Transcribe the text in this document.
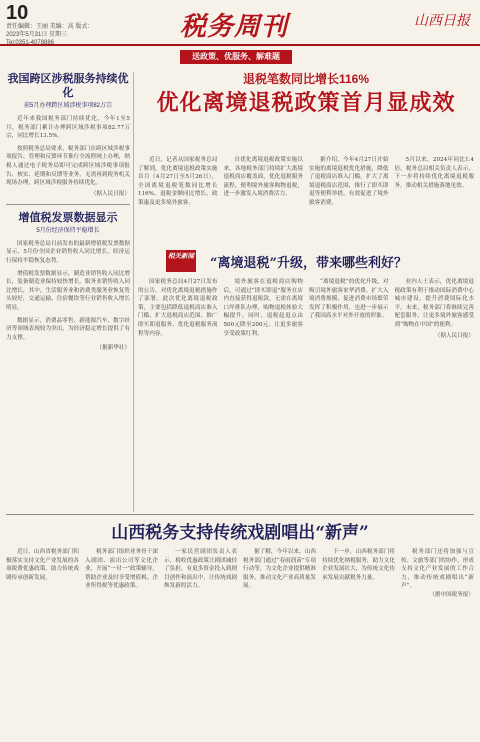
10
责任编辑：王丽 美编：高 版式：
2023年5月31日 星期三
Tel:0351-4078886
税务周刊	山西日报
送政策、优服务、解难题
我国跨区涉税服务持续优化
前5月办理跨区域涉税事项82万宗
近年来我国税务部门持续优化，今年1至5月，税务部门累计办理跨区域涉税事项82.77万宗，同比增长13.5%。
按照税务总局要求，税务部门在跨区域涉税事项报告、管理和反馈环节推行全流程网上办理，纳税人通过电子税务局即可完成跨区域涉税事项报告、核实、延期和反馈等业务，无需再到税务机关现场办理，跨区域涉税服务持续优化。
（据人民日报）
增值税发票数据显示
5月份经济保持平稳增长
国家税务总局日前发布的最新增值税发票数据显示，5月份全国企业销售收入同比增长，经济运行保持平稳恢复态势。
增值税发票数据显示，制造业销售收入同比增长，装备制造业保持较快增长。服务业销售收入同比增长，其中，生活服务业和消费类服务业恢复势头较好，交通运输、住宿餐饮等行业销售收入增长明显。
数据显示，消费品零售、新能源汽车、数字经济等领域表现较为突出，为经济稳定增长提供了有力支撑。
（据新华社）
退税笔数同比增长116%
优化离境退税政策首月显成效
近日，记者从国家税务总局了解到，优化离境退税政策实施首月（4月27日至5月26日），全国离境退税笔数同比增长116%，退税金额同比增长，政策惠及更多境外旅客。
自优化离境退税政策实施以来，各地税务部门持续扩大离境退税商店覆盖面，优化退税服务流程，便利境外旅客购物退税，进一步激发入境消费活力。
据介绍，今年4月27日开始实施的离境退税优化措施，降低了退税商店准入门槛，扩大了离境退税商店范围，推行了即买即退等便利举措，有效促进了境外旅客消费。
5月以来，2024年同比1.4倍。税务总局相关负责人表示，下一步将持续优化离境退税服务，推动相关措施落地见效。
相关新闻 “离境退税”升级，带来哪些利好？
国家税务总局4月27日发布的公告，对优化离境退税措施作了部署。此次优化离境退税政策，主要包括降低退税商店准入门槛、扩大退税商店范围、推广即买即退服务、优化退税服务流程等内容。
境外旅客在退税商店购物后，可通过“即买即退”服务在店内直接获得退税款，无需在离境口岸排队办理，购物退税体验大幅提升。同时，退税起退点由500元降至200元，让更多旅客享受政策红利。
“离境退税”的优化升级，对吸引境外旅客来华消费、扩大入境消费规模、促进消费市场繁荣发挥了积极作用，也进一步展示了我国高水平对外开放的形象。
业内人士表示，优化离境退税政策有利于推动国际消费中心城市建设，提升消费国际化水平。未来，税务部门将继续完善配套服务，让更多境外旅客感受到“购物在中国”的便利。
（据人民日报）
山西税务支持传统戏剧唱出“新声”
近日，山西省税务部门积极落实支持文化产业发展的各项税费优惠政策，助力传统戏剧传承创新发展。
税务部门组织业务骨干深入剧团、演出公司等文化企业，开展“一对一”政策辅导，帮助企业及时享受增值税、企业所得税等优惠政策。
一家民营剧团负责人表示，税收优惠政策让剧团减轻了负担，有更多资金投入到剧目创作和演出中，让传统戏剧焕发新的活力。
据了解，今年以来，山西税务部门通过“春雨润苗”专项行动等，为文化企业提供精准服务，推动文化产业高质量发展。
下一步，山西税务部门将持续优化纳税服务，助力文化企业发展壮大，为传统文化传承发展贡献税务力量。
税务部门还将加强与宣传、文旅等部门的协作，形成支持文化产业发展的工作合力，推动传统戏剧唱出“新声”。
（据中国税务报）
